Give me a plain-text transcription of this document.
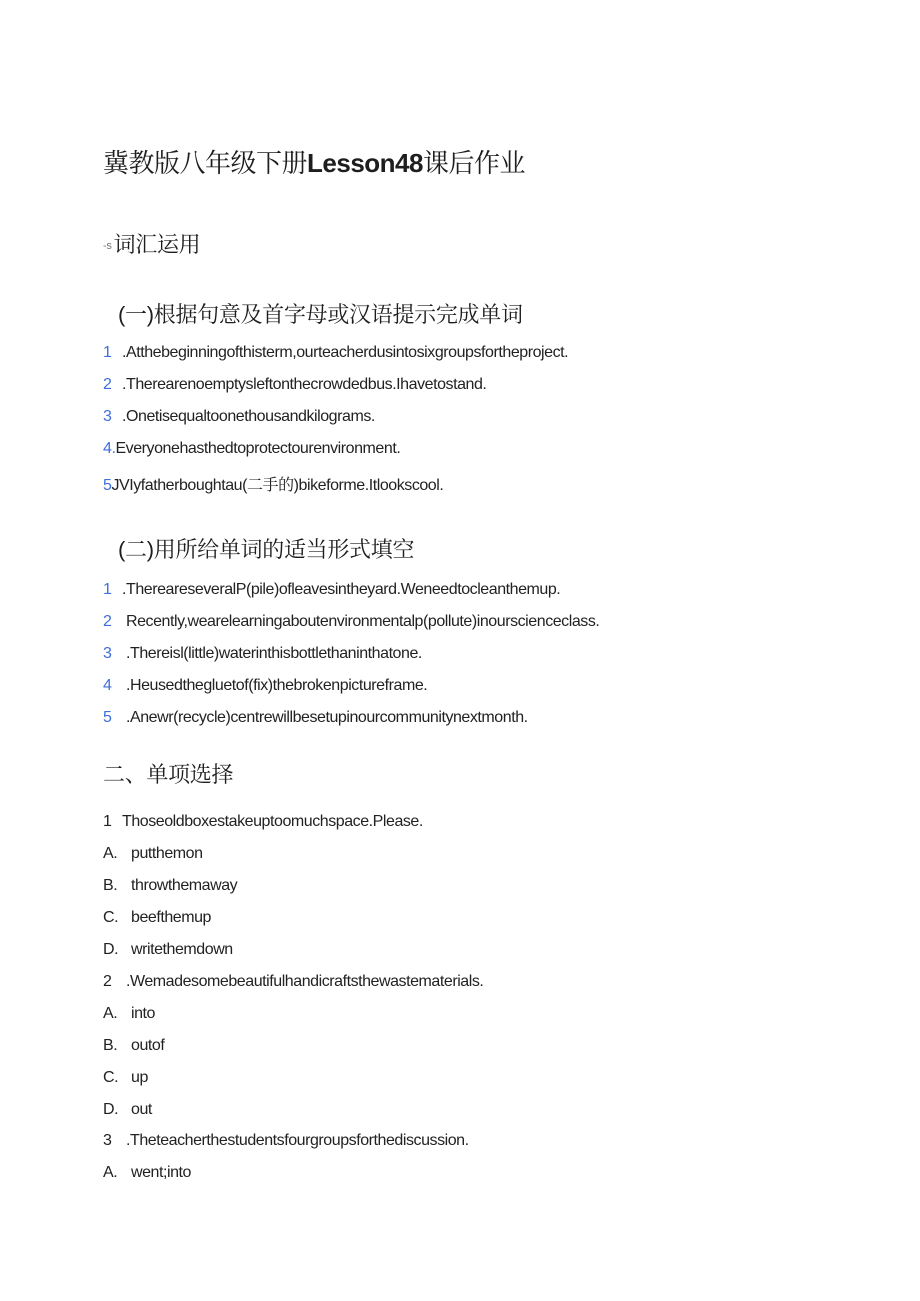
冀教版八年级下册Lesson48课后作业
-s词汇运用
(一)根据句意及首字母或汉语提示完成单词
1 .Atthebeginningofthisterm,ourteacherdusintosixgroupsfortheproject.
2 .Therearenoemptysleftonthecrowdedbus.Ihavetostand.
3 .Onetisequaltoonethousandkilograms.
4.Everyonehasthedtoprotectourenvironment.
5JVIyfatherboughtau(二手的)bikeforme.Itlookscool.
(二)用所给单词的适当形式填空
1 .ThereareseveralP(pile)ofleavesintheyard.Weneedtocleanthemup.
2 Recently,wearelearningaboutenvironmentalp(pollute)inourscienceclass.
3 .Thereisl(little)waterinthisbottlethaninthatone.
4 .Heusedthegluetof(fix)thebrokenpictureframe.
5 .Anewr(recycle)centrewillbesetupinourcommunitynextmonth.
二、单项选择
1 Thoseoldboxestakeuptoomuchspace.Please.
A. putthemon
B. throwthemaway
C. beefthemup
D. writethemdown
2 .Wemadesomebeautifulhandicraftsthewastematerials.
A. into
B. outof
C. up
D. out
3 .Theteacherthestudentsfourgroupsforthediscussion.
A. went;into
